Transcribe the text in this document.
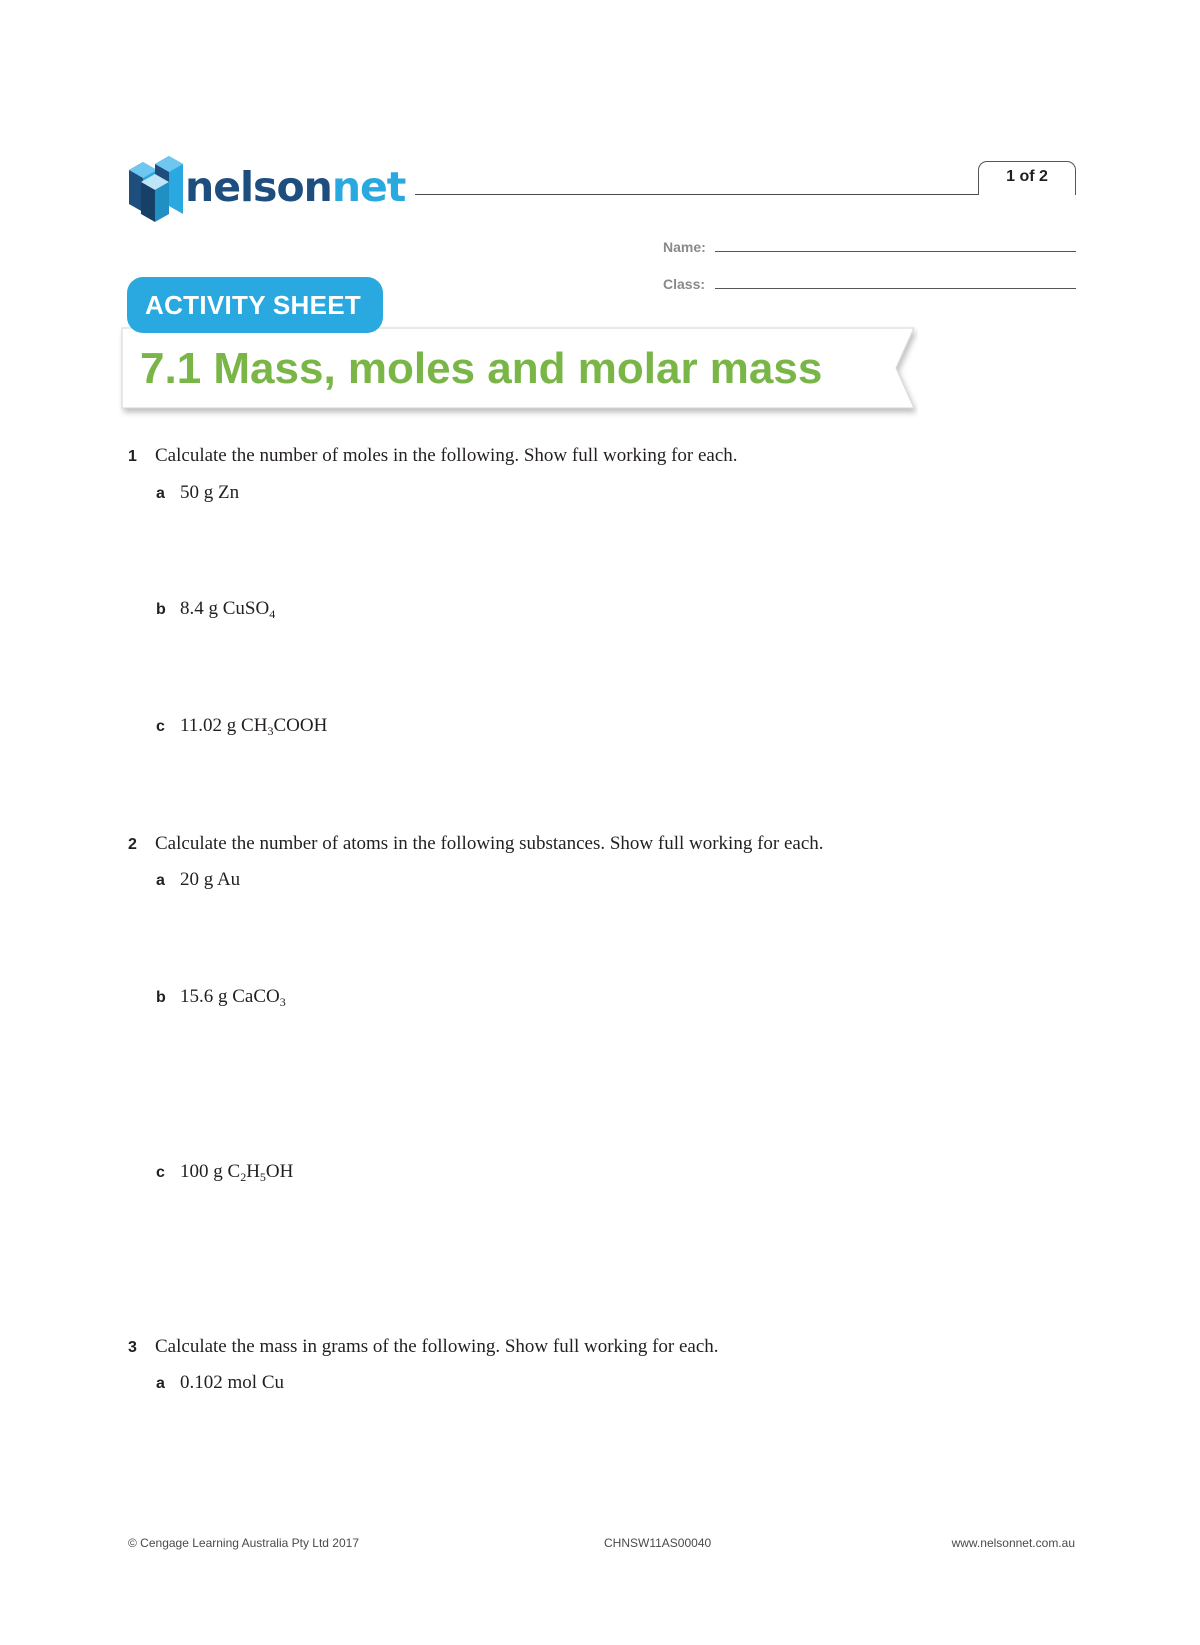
nelsonnet	1 of 2
Name:
Class:
ACTIVITY SHEET
7.1 Mass, moles and molar mass
1 Calculate the number of moles in the following. Show full working for each.
a 50 g Zn
b 8.4 g CuSO$_4$
c 11.02 g $CH_3COOH$
2 Calculate the number of atoms in the following substances. Show full working for each.
a 20 g Au
b 15.6 g CaCO$_3$
c 100 g $C_2H_5OH$
3 Calculate the mass in grams of the following. Show full working for each.
a 0.102 mol Cu
© Cengage Learning Australia Pty Ltd 2017	CHNSW11AS00040	www.nelsonnet.com.au
